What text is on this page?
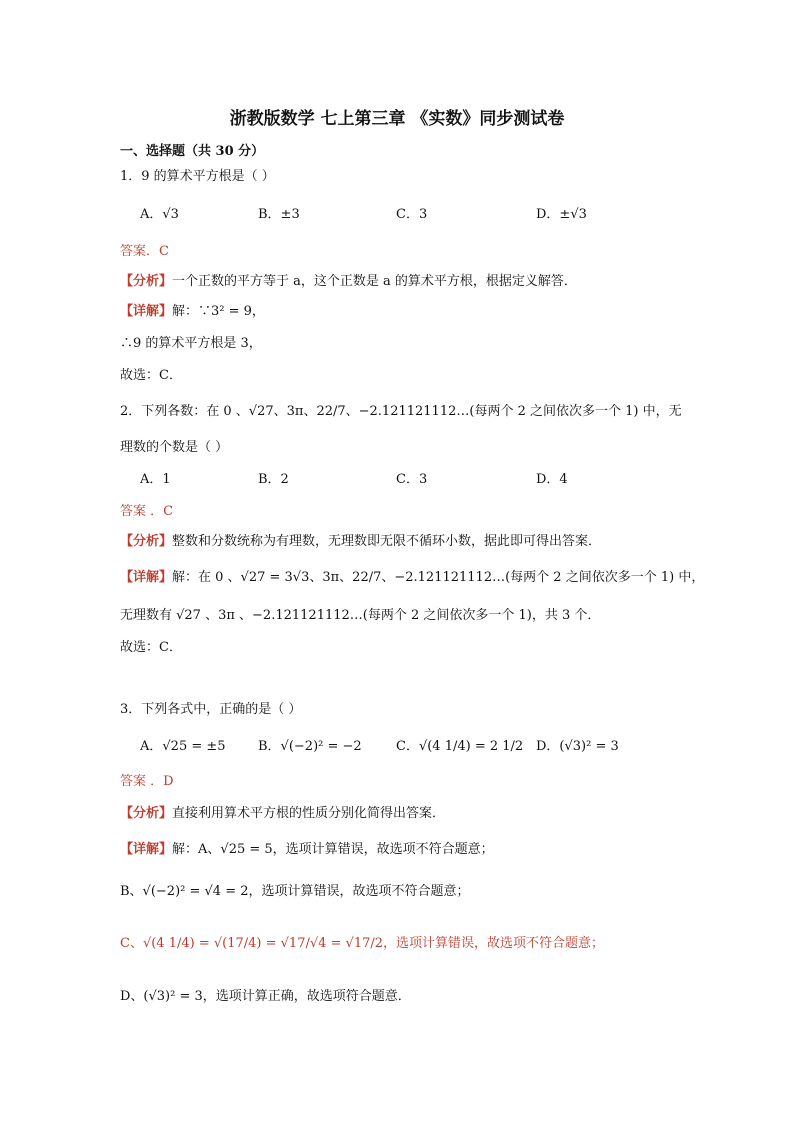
浙教版数学 七上第三章 《实数》同步测试卷
一、选择题（共 30 分）
1．9 的算术平方根是（ ）
A．√3	B．±3	C．3	D．±√3
答案．C
【分析】一个正数的平方等于 a，这个正数是 a 的算术平方根，根据定义解答．
【详解】解：∵3² = 9，
∴9 的算术平方根是 3，
故选：C．
2．下列各数：在 0 、√27、3π、22/7、−2.121121112…(每两个 2 之间依次多一个 1) 中，无
理数的个数是（ ）
A．1	B．2	C．3	D．4
答案 ．C
【分析】整数和分数统称为有理数，无理数即无限不循环小数，据此即可得出答案．
【详解】解：在 0 、√27 = 3√3、3π、22/7、−2.121121112…(每两个 2 之间依次多一个 1) 中，
无理数有 √27 、3π 、−2.121121112…(每两个 2 之间依次多一个 1)，共 3 个．
故选：C．
3．下列各式中，正确的是（ ）
A．√25 = ±5 B．√(−2)² = −2	C．√(4 1/4) = 2 1/2 D．(√3)² = 3
答案 ．D
【分析】直接利用算术平方根的性质分别化简得出答案．
【详解】解：A、√25 = 5，选项计算错误，故选项不符合题意；
B、√(−2)² = √4 = 2，选项计算错误，故选项不符合题意；
C、√(4 1/4) = √(17/4) = √17/√4 = √17/2，选项计算错误，故选项不符合题意；
D、(√3)² = 3，选项计算正确，故选项符合题意．
